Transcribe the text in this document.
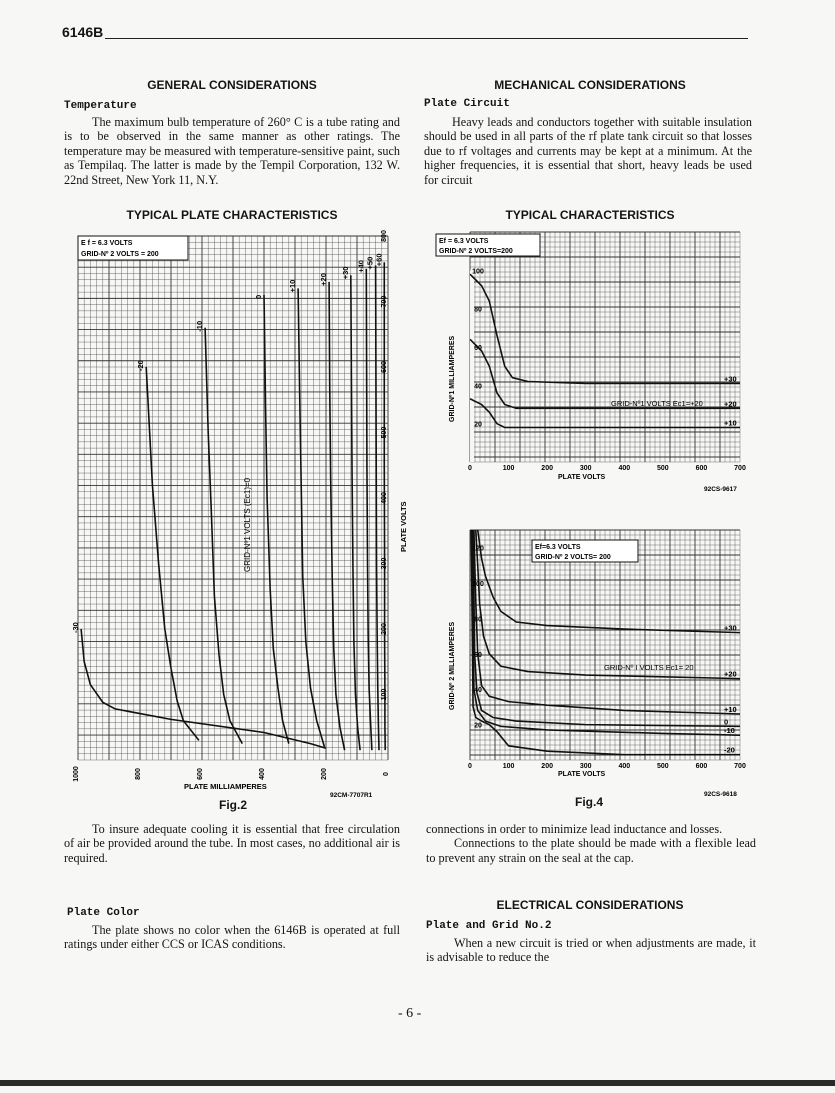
6146B
GENERAL CONSIDERATIONS
Temperature

The maximum bulb temperature of 260° C is a tube rating and is to be observed in the same manner as other ratings. The temperature may be measured with temperature-sensitive paint, such as Tempilaq. The latter is made by the Tempil Corporation, 132 W. 22nd Street, New York 11, N.Y.

MECHANICAL CONSIDERATIONS
Plate Circuit

Heavy leads and conductors together with suitable insulation should be used in all parts of the rf plate tank circuit so that losses due to rf voltages and currents may be kept at a minimum. At the higher frequencies, it is essential that short, heavy leads be used for circuit

TYPICAL PLATE CHARACTERISTICS	TYPICAL CHARACTERISTICS
-30
-20
-10
0
+10
+20
+30
+40 +50 +60
1000	800	600	400	200	0
100
200
300
400
500
600
700
800
E f = 6.3 VOLTS
GRID-Nº 2 VOLTS = 200
PLATE MILLIAMPERES
92CM-7707R1
PLATE VOLTS
GRID-Nº1 VOLTS (Ec1)=0
Fig.2
+30
+20
+10
0	100	200	300	400	500	600	700
20
40
60
80
100
Ef = 6.3 VOLTS
GRID-Nº 2 VOLTS=200
PLATE VOLTS
92CS-9617
GRID-Nº1 MILLIAMPERES	GRID-Nº1 VOLTS Ec1=+20
+30
+20
+10
0
-10
-20
0	100	200	300	400	500	600	700
20
40
60
80
100
120	Ef=6.3 VOLTS
GRID-Nº 2 VOLTS= 200
PLATE VOLTS
92CS-9618
GRID-Nº 2 MILLIAMPERES	GRID-Nº I VOLTS Ec1= 20
Fig.4

To insure adequate cooling it is essential that free circulation of air be provided around the tube. In most cases, no additional air is required.

Plate Color

The plate shows no color when the 6146B is operated at full ratings under either CCS or ICAS conditions.

connections in order to minimize lead inductance and losses.

Connections to the plate should be made with a flexible lead to prevent any strain on the seal at the cap.

ELECTRICAL CONSIDERATIONS
Plate and Grid No.2

When a new circuit is tried or when adjustments are made, it is advisable to reduce the

- 6 -
